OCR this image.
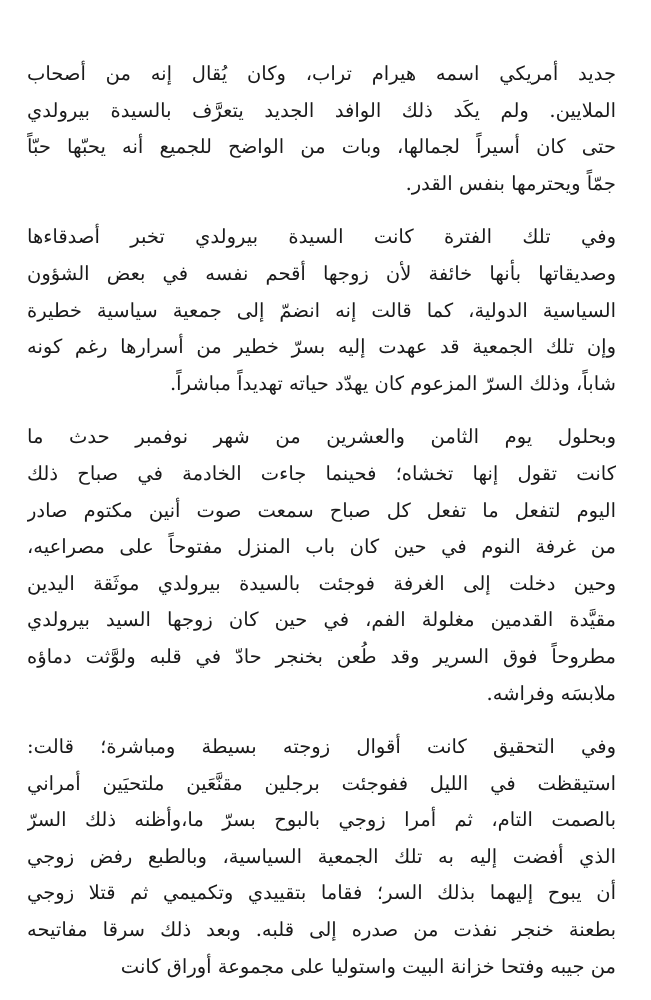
جديد أمريكي اسمه هيرام تراب، وكان يُقال إنه من أصحاب
الملايين. ولم يكَد ذلك الوافد الجديد يتعرَّف بالسيدة بيرولدي
حتى كان أسيراً لجمالها، وبات من الواضح للجميع أنه يحبّها حبّاً
جمّاً ويحترمها بنفس القدر.

وفي تلك الفترة كانت السيدة بيرولدي تخبر أصدقاءها
وصديقاتها بأنها خائفة لأن زوجها أقحم نفسه في بعض الشؤون
السياسية الدولية، كما قالت إنه انضمّ إلى جمعية سياسية خطيرة
وإن تلك الجمعية قد عهدت إليه بسرّ خطير من أسرارها رغم كونه
شاباً، وذلك السرّ المزعوم كان يهدّد حياته تهديداً مباشراً.

وبحلول يوم الثامن والعشرين من شهر نوفمبر حدث ما
كانت تقول إنها تخشاه؛ فحينما جاءت الخادمة في صباح ذلك
اليوم لتفعل ما تفعل كل صباح سمعت صوت أنين مكتوم صادر
من غرفة النوم في حين كان باب المنزل مفتوحاً على مصراعيه،
وحين دخلت إلى الغرفة فوجئت بالسيدة بيرولدي موثَقة اليدين
مقيَّدة القدمين مغلولة الفم، في حين كان زوجها السيد بيرولدي
مطروحاً فوق السرير وقد طُعن بخنجر حادّ في قلبه ولوَّثت دماؤه
ملابسَه وفراشه.

وفي التحقيق كانت أقوال زوجته بسيطة ومباشرة؛ قالت:
استيقظت في الليل ففوجئت برجلين مقنَّعَين ملتحيَين أمراني
بالصمت التام، ثم أمرا زوجي بالبوح بسرّ ما،وأظنه ذلك السرّ
الذي أفضت إليه به تلك الجمعية السياسية، وبالطبع رفض زوجي
أن يبوح إليهما بذلك السر؛ فقاما بتقييدي وتكميمي ثم قتلا زوجي
بطعنة خنجر نفذت من صدره إلى قلبه. وبعد ذلك سرقا مفاتيحه
من جيبه وفتحا خزانة البيت واستوليا على مجموعة أوراق كانت
